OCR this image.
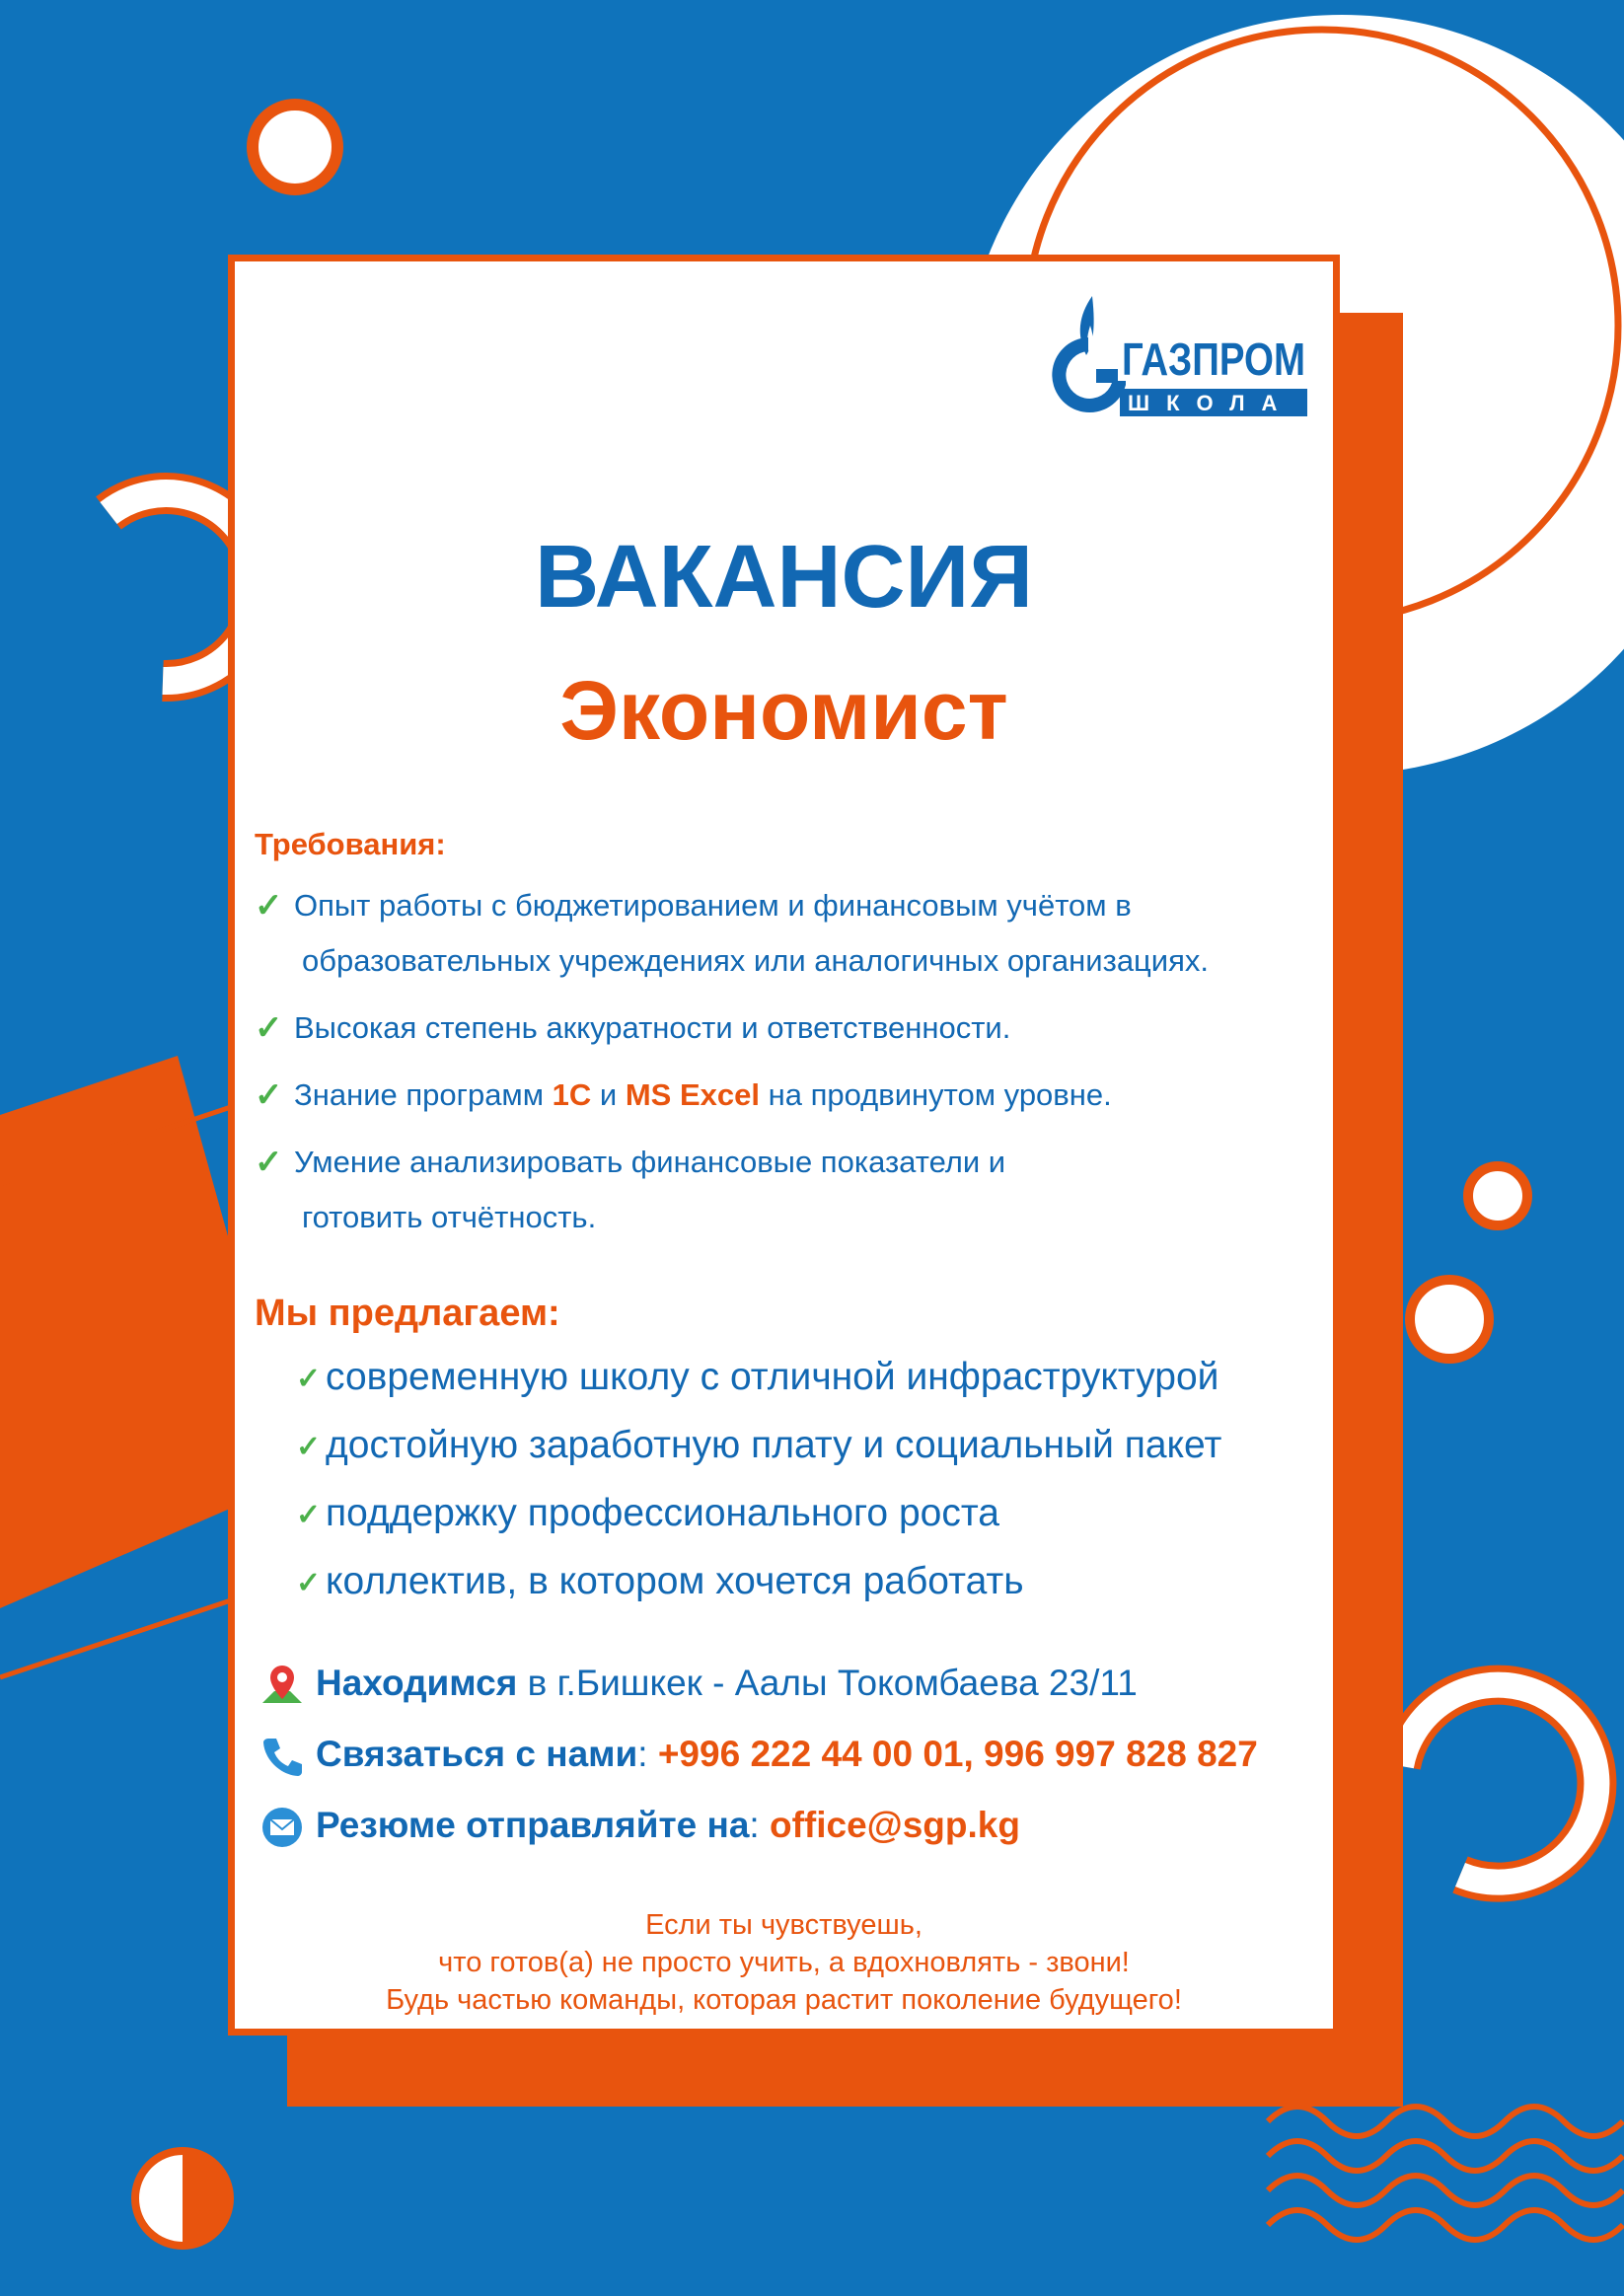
ГАЗПРОМ
ШКОЛА
ВАКАНСИЯ
Экономист
Требования:
✓ Опыт работы с бюджетированием и финансовым учётом в
образовательных учреждениях или аналогичных организациях.
✓ Высокая степень аккуратности и ответственности.
✓ Знание программ 1С и MS Excel на продвинутом уровне.
✓ Умение анализировать финансовые показатели и
готовить отчётность.
Мы предлагаем:
✓ современную школу с отличной инфраструктурой
✓ достойную заработную плату и социальный пакет
✓ поддержку профессионального роста
✓ коллектив, в котором хочется работать
Находимся в г.Бишкек - Аалы Токомбаева 23/11
Связаться с нами: +996 222 44 00 01, 996 997 828 827
Резюме отправляйте на: office@sgp.kg
Если ты чувствуешь,
что готов(а) не просто учить, а вдохновлять - звони!
Будь частью команды, которая растит поколение будущего!
